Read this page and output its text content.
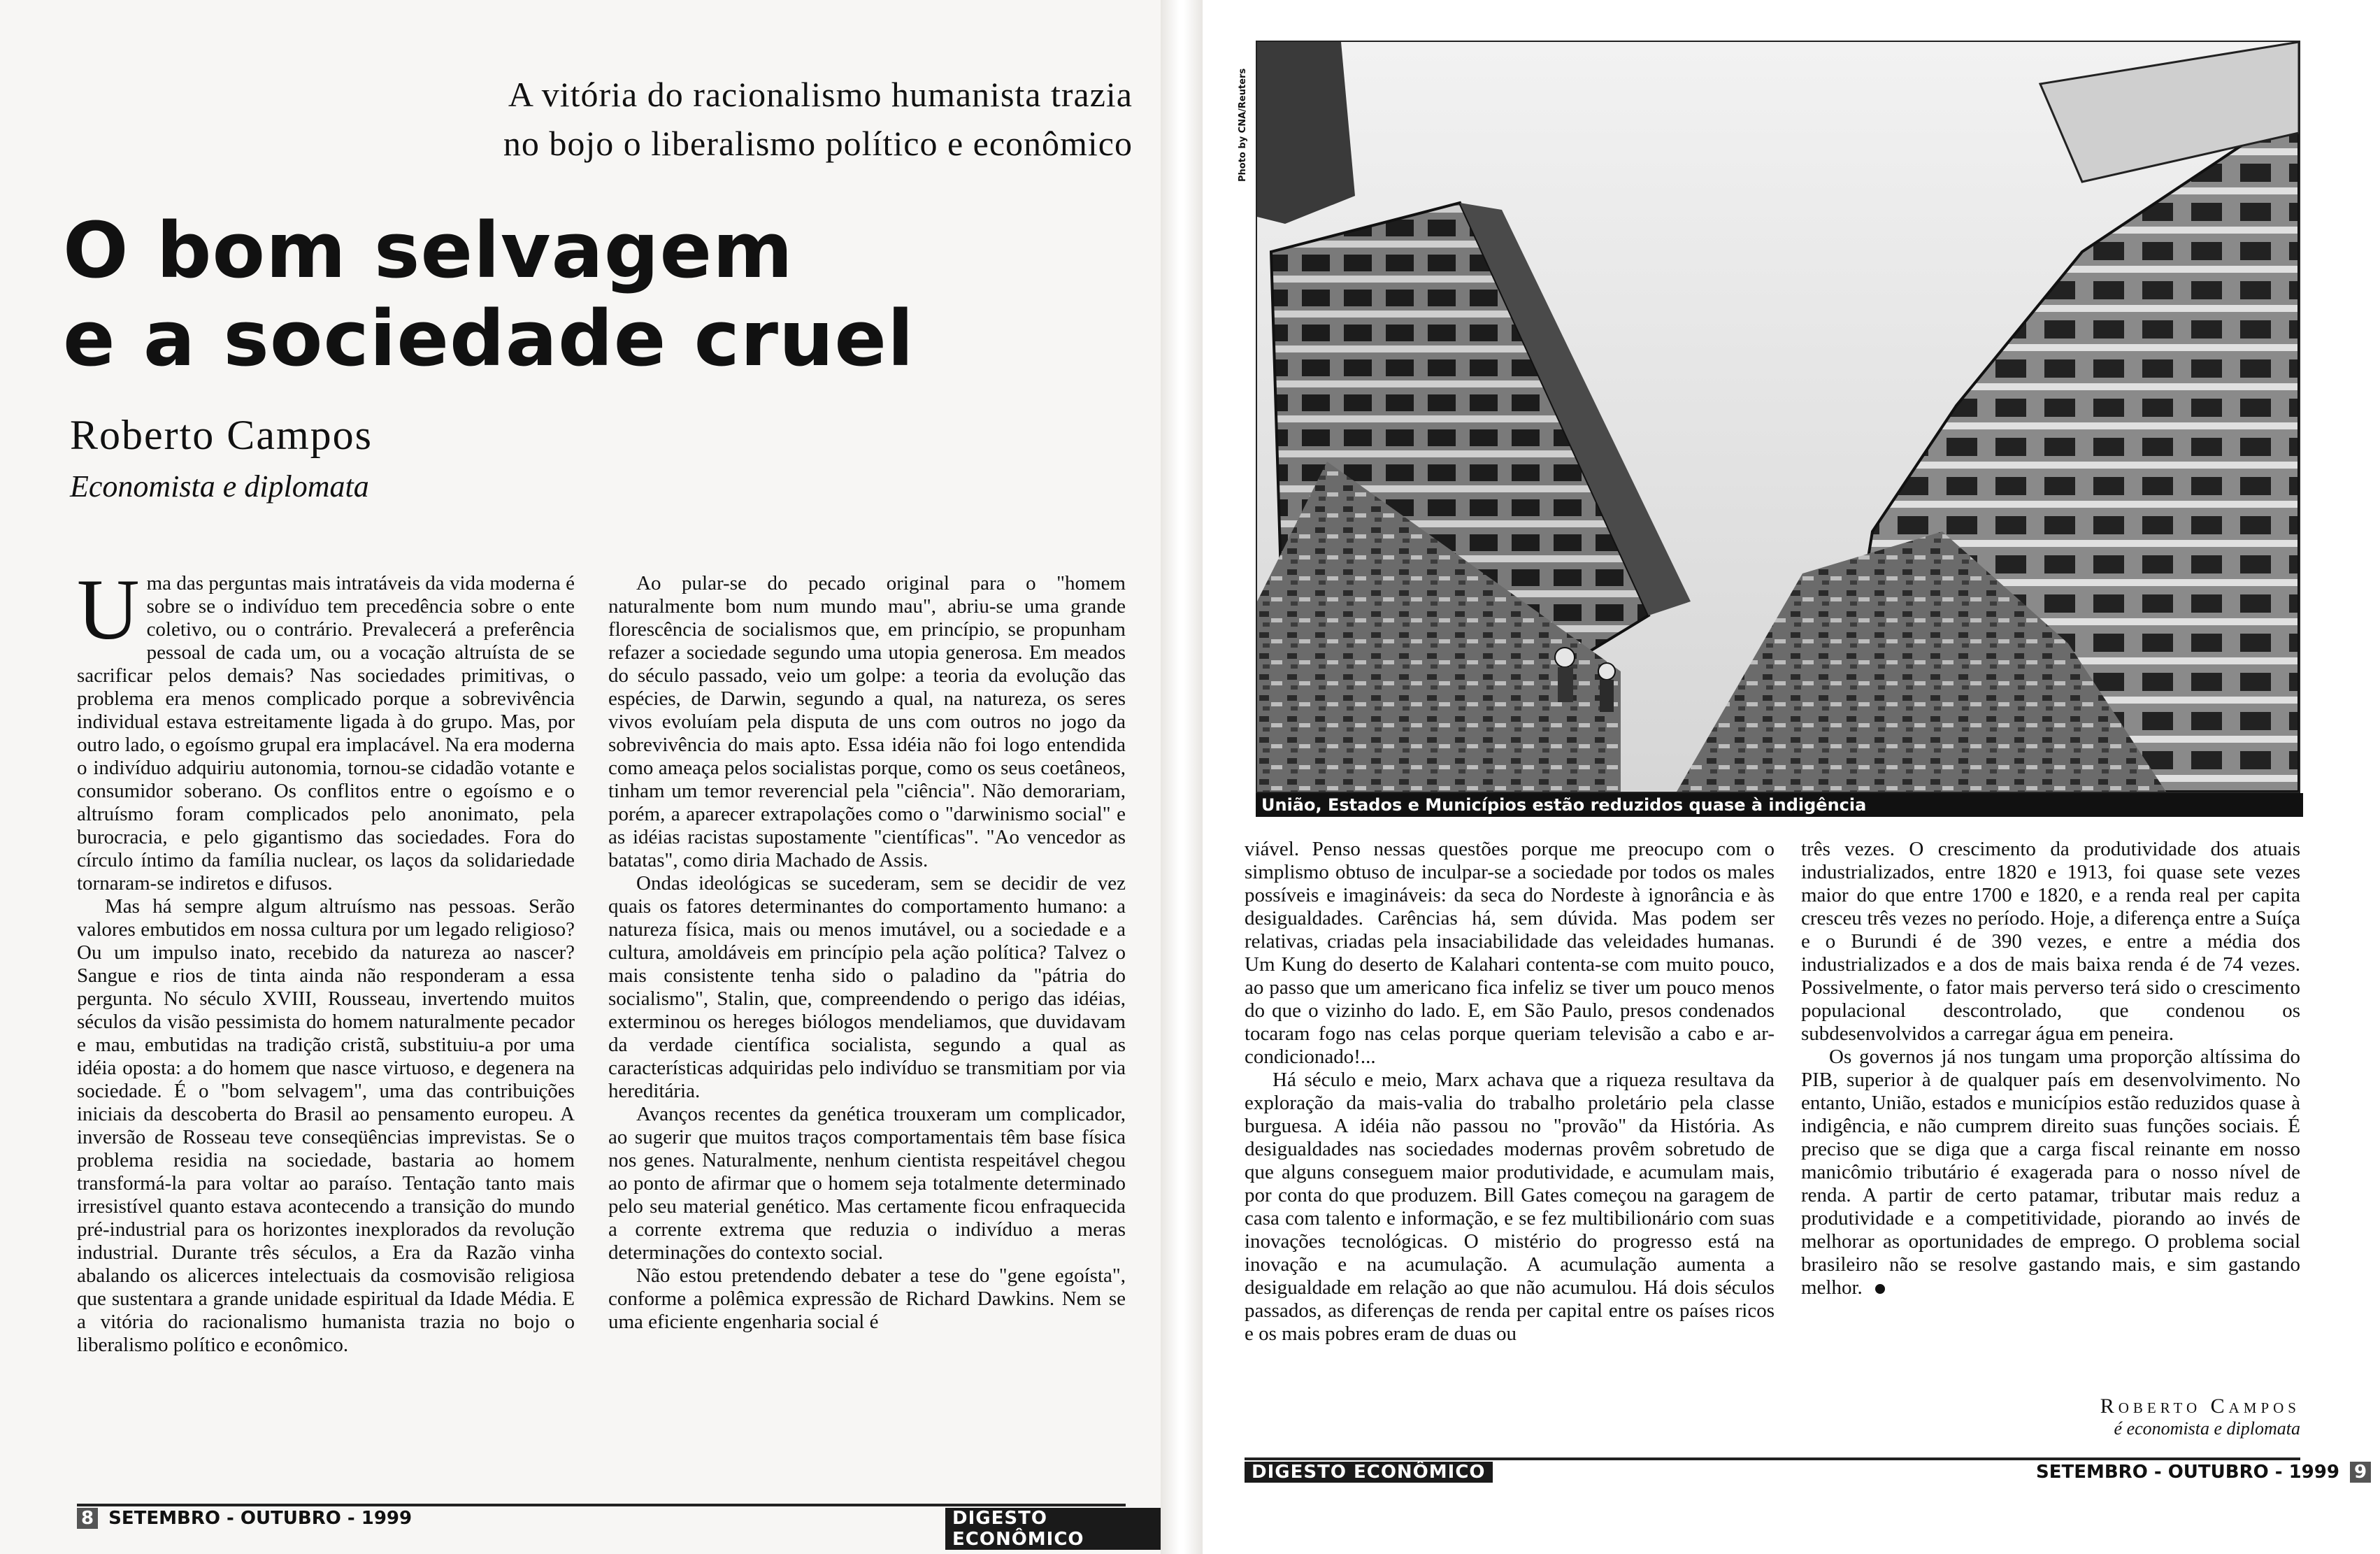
A vitória do racionalismo humanista trazia
no bojo o liberalismo político e econômico
O bom selvagem
e a sociedade cruel
Roberto Campos
Economista e diplomata

Uma das perguntas mais intratáveis da vida moderna é sobre se o indivíduo tem precedência sobre o ente coletivo, ou o contrário. Prevalecerá a preferência pessoal de cada um, ou a vocação altruísta de se sacrificar pelos demais? Nas sociedades primitivas, o problema era menos complicado porque a sobrevivência individual estava estreitamente ligada à do grupo. Mas, por outro lado, o egoísmo grupal era implacável. Na era moderna o indivíduo adquiriu autonomia, tornou-se cidadão votante e consumidor soberano. Os conflitos entre o egoísmo e o altruísmo foram complicados pelo anonimato, pela burocracia, e pelo gigantismo das sociedades. Fora do círculo íntimo da família nuclear, os laços da solidariedade tornaram-se indiretos e difusos.

Mas há sempre algum altruísmo nas pessoas. Serão valores embutidos em nossa cultura por um legado religioso? Ou um impulso inato, recebido da natureza ao nascer? Sangue e rios de tinta ainda não responderam a essa pergunta. No século XVIII, Rousseau, invertendo muitos séculos da visão pessimista do homem naturalmente pecador e mau, embutidas na tradição cristã, substituiu-a por uma idéia oposta: a do homem que nasce virtuoso, e degenera na sociedade. É o "bom selvagem", uma das contribuições iniciais da descoberta do Brasil ao pensamento europeu. A inversão de Rosseau teve conseqüências imprevistas. Se o problema residia na sociedade, bastaria ao homem transformá-la para voltar ao paraíso. Tentação tanto mais irresistível quanto estava acontecendo a transição do mundo pré-industrial para os horizontes inexplorados da revolução industrial. Durante três séculos, a Era da Razão vinha abalando os alicerces intelectuais da cosmovisão religiosa que sustentara a grande unidade espiritual da Idade Média. E a vitória do racionalismo humanista trazia no bojo o liberalismo político e econômico.

Ao pular-se do pecado original para o "homem naturalmente bom num mundo mau", abriu-se uma grande florescência de socialismos que, em princípio, se propunham refazer a sociedade segundo uma utopia generosa. Em meados do século passado, veio um golpe: a teoria da evolução das espécies, de Darwin, segundo a qual, na natureza, os seres vivos evoluíam pela disputa de uns com outros no jogo da sobrevivência do mais apto. Essa idéia não foi logo entendida como ameaça pelos socialistas porque, como os seus coetâneos, tinham um temor reverencial pela "ciência". Não demorariam, porém, a aparecer extrapolações como o "darwinismo social" e as idéias racistas supostamente "científicas". "Ao vencedor as batatas", como diria Machado de Assis.

Ondas ideológicas se sucederam, sem se decidir de vez quais os fatores determinantes do comportamento humano: a natureza física, mais ou menos imutável, ou a sociedade e a cultura, amoldáveis em princípio pela ação política? Talvez o mais consistente tenha sido o paladino da "pátria do socialismo", Stalin, que, compreendendo o perigo das idéias, exterminou os hereges biólogos mendeliamos, que duvidavam da verdade científica socialista, segundo a qual as características adquiridas pelo indivíduo se transmitiam por via hereditária.

Avanços recentes da genética trouxeram um complicador, ao sugerir que muitos traços comportamentais têm base física nos genes. Naturalmente, nenhum cientista respeitável chegou ao ponto de afirmar que o homem seja totalmente determinado pelo seu material genético. Mas certamente ficou enfraquecida a corrente extrema que reduzia o indivíduo a meras determinações do contexto social.

Não estou pretendendo debater a tese do "gene egoísta", conforme a polêmica expressão de Richard Dawkins. Nem se uma eficiente engenharia social é

8 SETEMBRO - OUTUBRO - 1999	DIGESTO ECONÔMICO
Photo by CNA/Reuters
União, Estados e Municípios estão reduzidos quase à indigência

viável. Penso nessas questões porque me preocupo com o simplismo obtuso de inculpar-se a sociedade por todos os males possíveis e imagináveis: da seca do Nordeste à ignorância e às desigualdades. Carências há, sem dúvida. Mas podem ser relativas, criadas pela insaciabilidade das veleidades humanas. Um Kung do deserto de Kalahari contenta-se com muito pouco, ao passo que um americano fica infeliz se tiver um pouco menos do que o vizinho do lado. E, em São Paulo, presos condenados tocaram fogo nas celas porque queriam televisão a cabo e ar-condicionado!...

Há século e meio, Marx achava que a riqueza resultava da exploração da mais-valia do trabalho proletário pela classe burguesa. A idéia não passou no "provão" da História. As desigualdades nas sociedades modernas provêm sobretudo de que alguns conseguem maior produtividade, e acumulam mais, por conta do que produzem. Bill Gates começou na garagem de casa com talento e informação, e se fez multibilionário com suas inovações tecnológicas. O mistério do progresso está na inovação e na acumulação. A acumulação aumenta a desigualdade em relação ao que não acumulou. Há dois séculos passados, as diferenças de renda per capital entre os países ricos e os mais pobres eram de duas ou

três vezes. O crescimento da produtividade dos atuais industrializados, entre 1820 e 1913, foi quase sete vezes maior do que entre 1700 e 1820, e a renda real per capita cresceu três vezes no período. Hoje, a diferença entre a Suíça e o Burundi é de 390 vezes, e entre a média dos industrializados e a dos de mais baixa renda é de 74 vezes. Possivelmente, o fator mais perverso terá sido o crescimento populacional descontrolado, que condenou os subdesenvolvidos a carregar água em peneira.

Os governos já nos tungam uma proporção altíssima do PIB, superior à de qualquer país em desenvolvimento. No entanto, União, estados e municípios estão reduzidos quase à indigência, e não cumprem direito suas funções sociais. É preciso que se diga que a carga fiscal reinante em nosso manicômio tributário é exagerada para o nosso nível de renda. A partir de certo patamar, tributar mais reduz a produtividade e a competitividade, piorando ao invés de melhorar as oportunidades de emprego. O problema social brasileiro não se resolve gastando mais, e sim gastando melhor.

Roberto Campos
é economista e diplomata
DIGESTO ECONÔMICO	SETEMBRO - OUTUBRO - 1999 9
